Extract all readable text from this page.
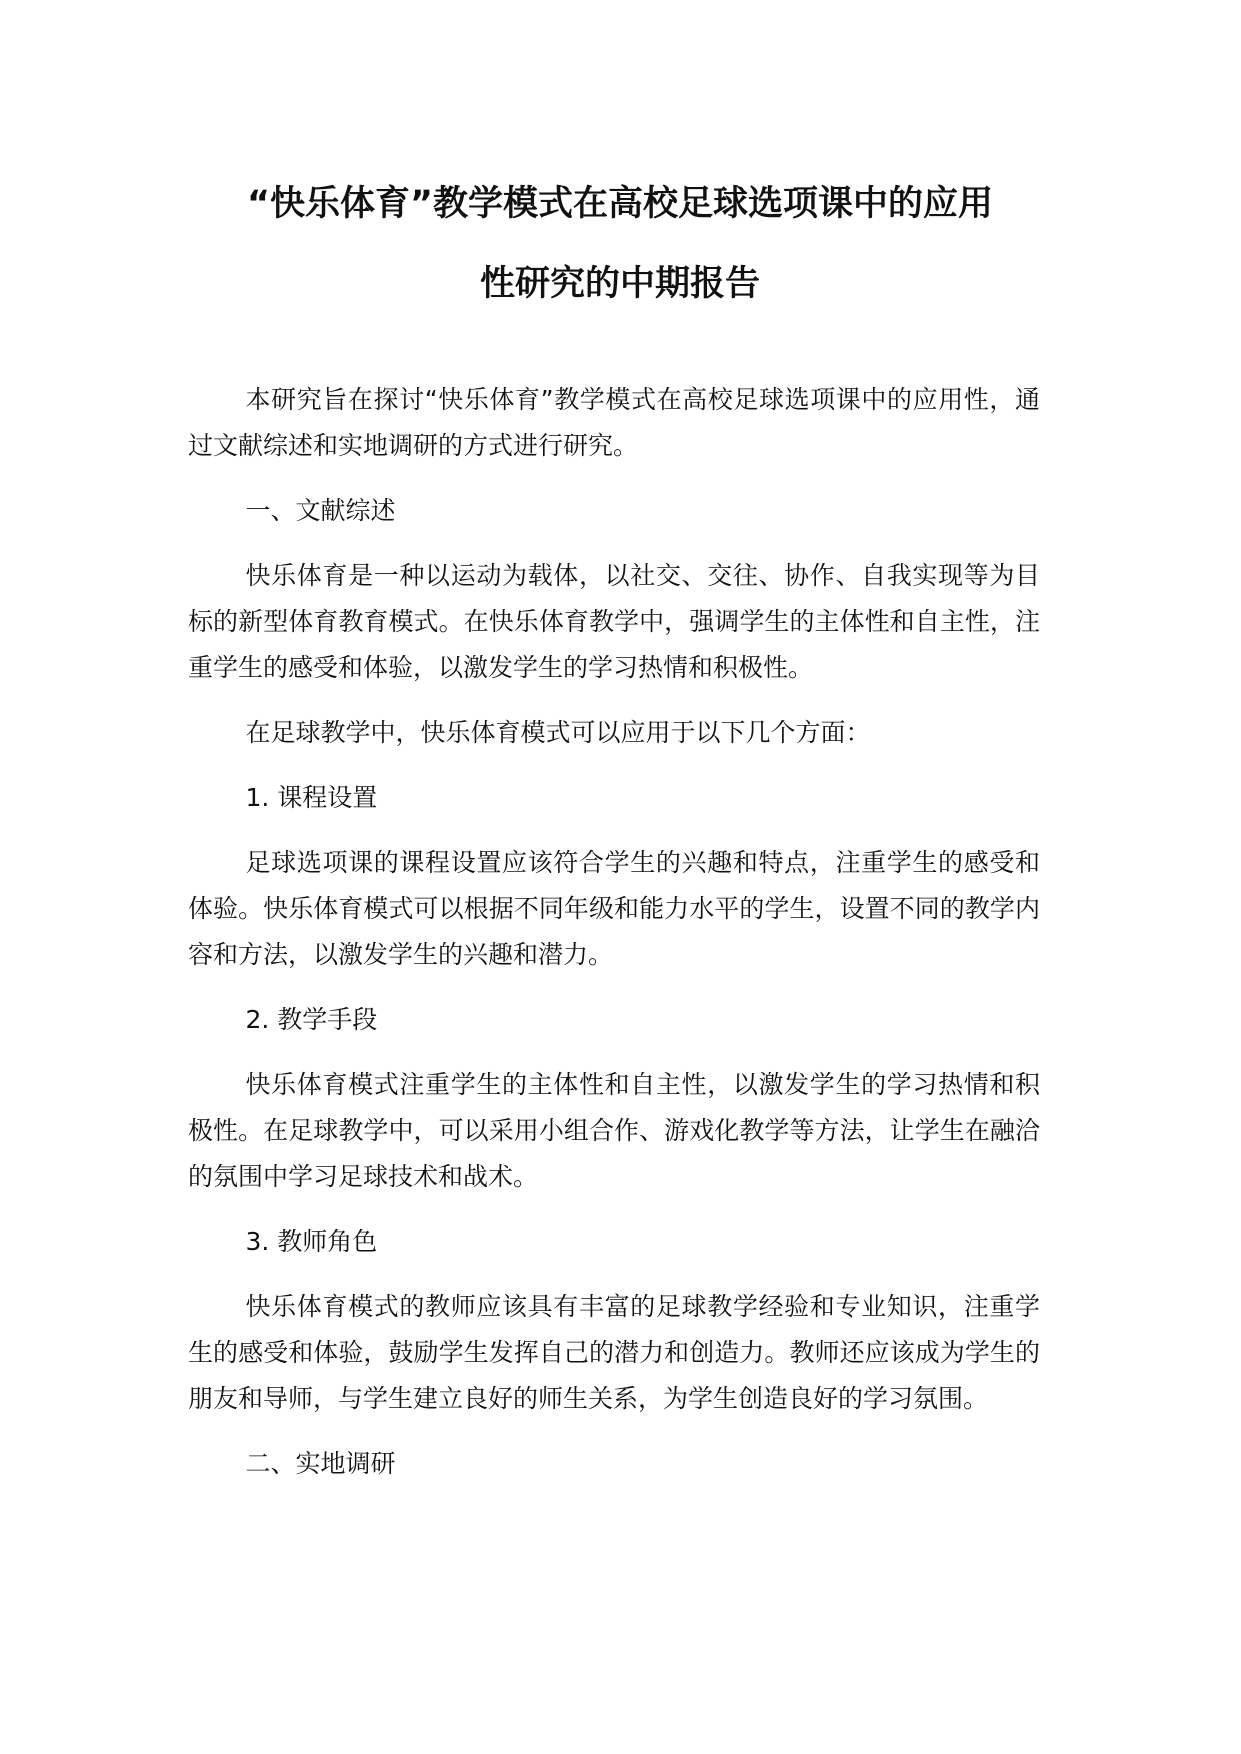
“快乐体育”教学模式在高校足球选项课中的应用
性研究的中期报告

本研究旨在探讨“快乐体育”教学模式在高校足球选项课中的应用性，通过文献综述和实地调研的方式进行研究。

一、文献综述

快乐体育是一种以运动为载体，以社交、交往、协作、自我实现等为目标的新型体育教育模式。在快乐体育教学中，强调学生的主体性和自主性，注重学生的感受和体验，以激发学生的学习热情和积极性。

在足球教学中，快乐体育模式可以应用于以下几个方面：

1. 课程设置

足球选项课的课程设置应该符合学生的兴趣和特点，注重学生的感受和体验。快乐体育模式可以根据不同年级和能力水平的学生，设置不同的教学内容和方法，以激发学生的兴趣和潜力。

2. 教学手段

快乐体育模式注重学生的主体性和自主性，以激发学生的学习热情和积极性。在足球教学中，可以采用小组合作、游戏化教学等方法，让学生在融洽的氛围中学习足球技术和战术。

3. 教师角色

快乐体育模式的教师应该具有丰富的足球教学经验和专业知识，注重学生的感受和体验，鼓励学生发挥自己的潜力和创造力。教师还应该成为学生的朋友和导师，与学生建立良好的师生关系，为学生创造良好的学习氛围。

二、实地调研
